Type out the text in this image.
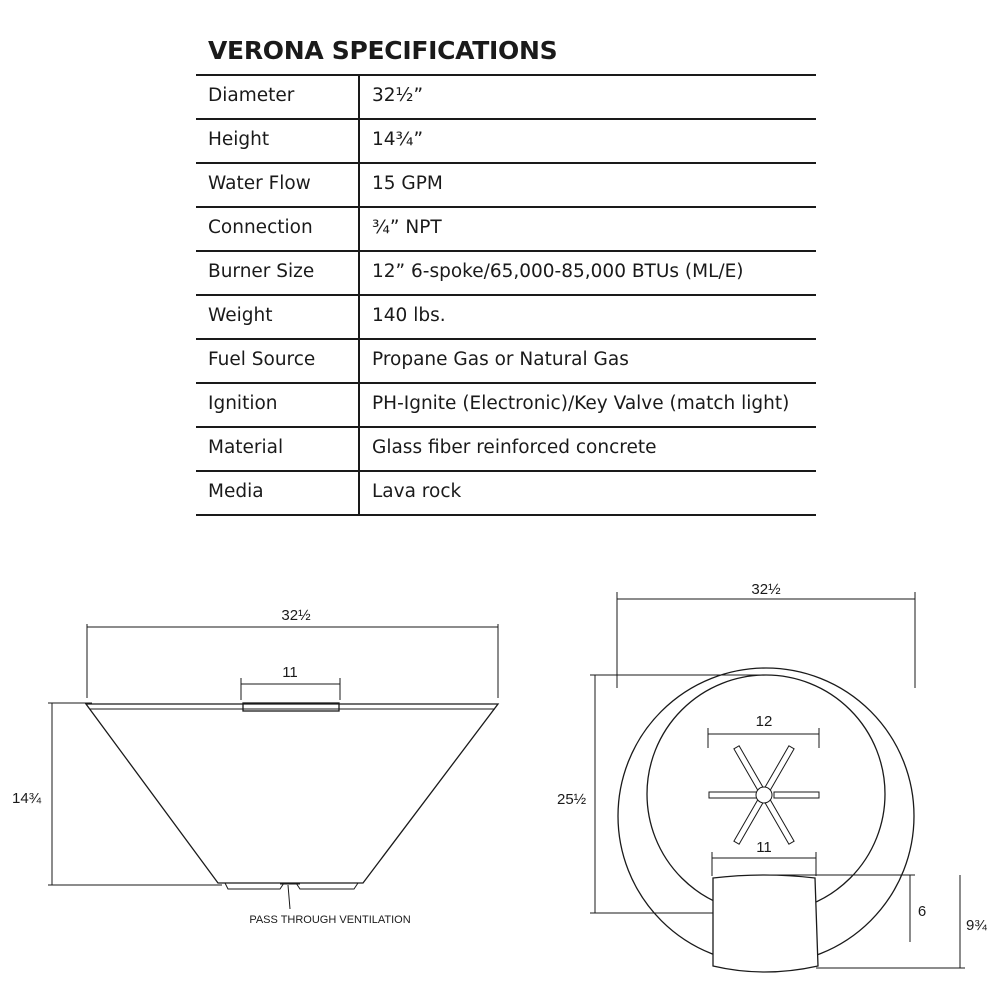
VERONA SPECIFICATIONS
Diameter	32½”
Height	14¾”
Water Flow	15 GPM
Connection	¾” NPT
Burner Size	12” 6-spoke/65,000-85,000 BTUs (ML/E)
Weight	140 lbs.
Fuel Source	Propane Gas or Natural Gas
Ignition	PH-Ignite (Electronic)/Key Valve (match light)
Material	Glass fiber reinforced concrete
Media	Lava rock
32½
11
14¾
PASS THROUGH VENTILATION
32½
25½
12
11
6
9¾
